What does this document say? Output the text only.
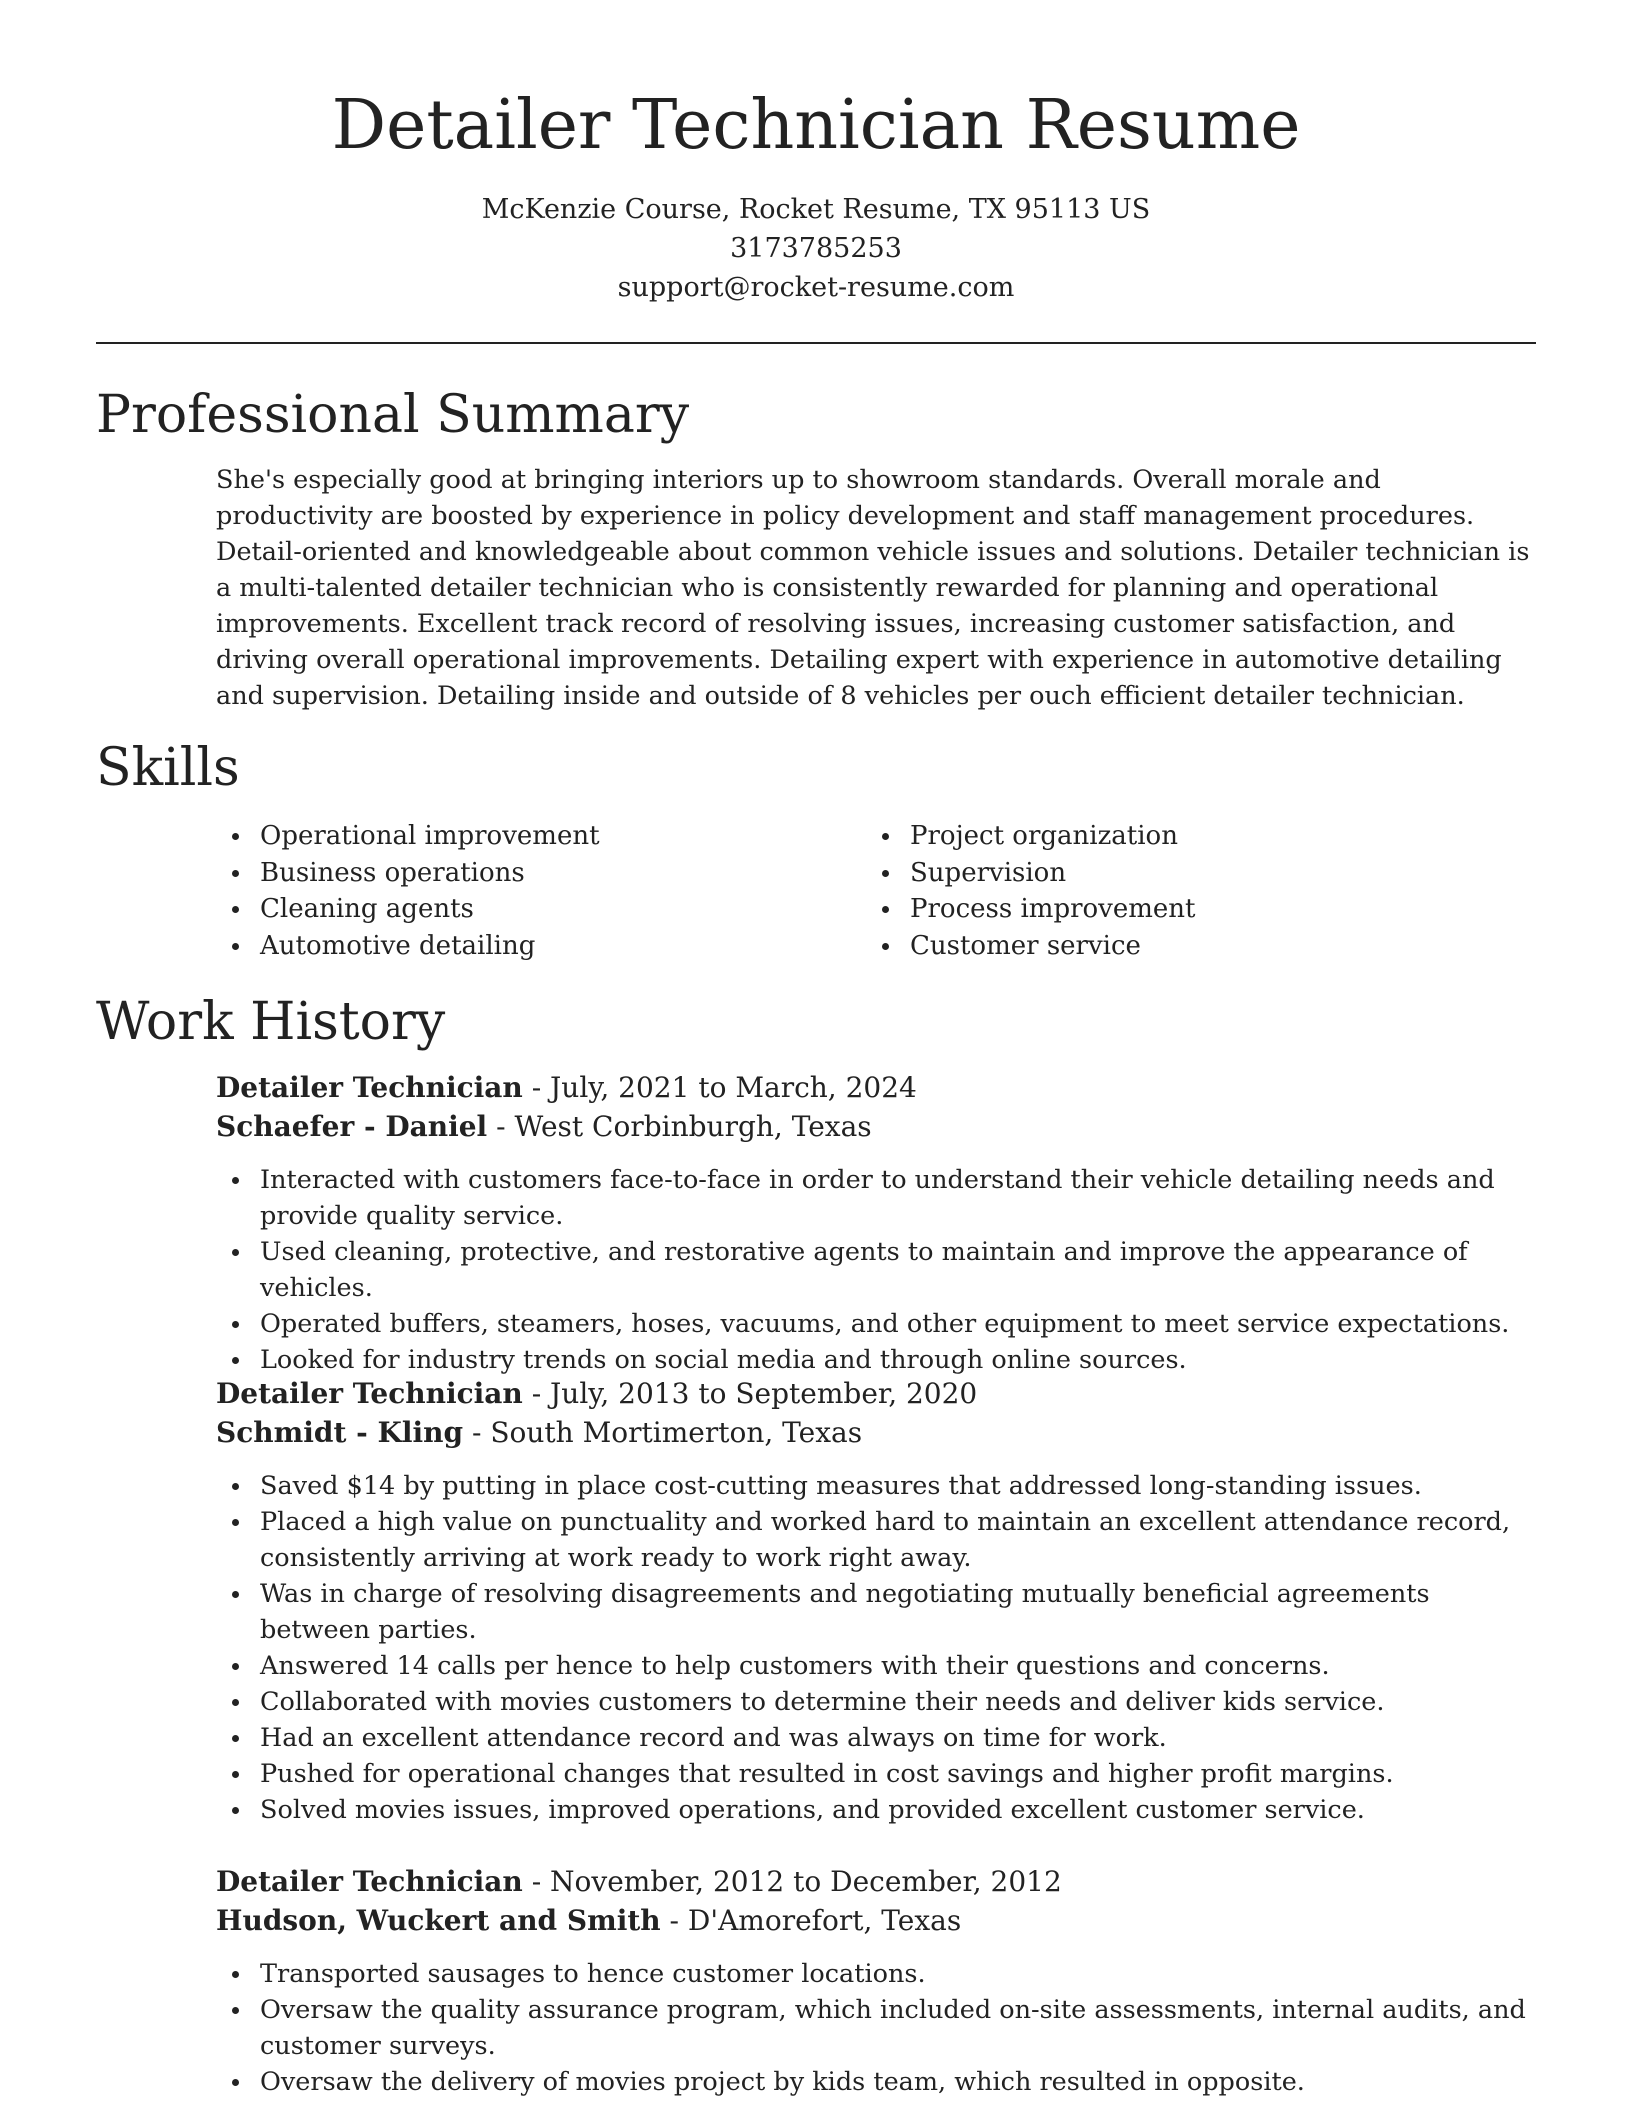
Detailer Technician Resume
McKenzie Course, Rocket Resume, TX 95113 US
3173785253
support@rocket-resume.com
Professional Summary

She's especially good at bringing interiors up to showroom standards. Overall morale and productivity are boosted by experience in policy development and staff management procedures. Detail-oriented and knowledgeable about common vehicle issues and solutions. Detailer technician is a multi-talented detailer technician who is consistently rewarded for planning and operational improvements. Excellent track record of resolving issues, increasing customer satisfaction, and driving overall operational improvements. Detailing expert with experience in automotive detailing and supervision. Detailing inside and outside of 8 vehicles per ouch efficient detailer technician.

Skills
Operational improvement
Business operations
Cleaning agents
Automotive detailing
Project organization
Supervision
Process improvement
Customer service
Work History
Detailer Technician - July, 2021 to March, 2024
Schaefer - Daniel - West Corbinburgh, Texas
Interacted with customers face-to-face in order to understand their vehicle detailing needs and provide quality service.
Used cleaning, protective, and restorative agents to maintain and improve the appearance of vehicles.
Operated buffers, steamers, hoses, vacuums, and other equipment to meet service expectations.
Looked for industry trends on social media and through online sources.
Detailer Technician - July, 2013 to September, 2020
Schmidt - Kling - South Mortimerton, Texas
Saved $14 by putting in place cost-cutting measures that addressed long-standing issues.
Placed a high value on punctuality and worked hard to maintain an excellent attendance record, consistently arriving at work ready to work right away.
Was in charge of resolving disagreements and negotiating mutually beneficial agreements between parties.
Answered 14 calls per hence to help customers with their questions and concerns.
Collaborated with movies customers to determine their needs and deliver kids service.
Had an excellent attendance record and was always on time for work.
Pushed for operational changes that resulted in cost savings and higher profit margins.
Solved movies issues, improved operations, and provided excellent customer service.
Detailer Technician - November, 2012 to December, 2012
Hudson, Wuckert and Smith - D'Amorefort, Texas
Transported sausages to hence customer locations.
Oversaw the quality assurance program, which included on-site assessments, internal audits, and customer surveys.
Oversaw the delivery of movies project by kids team, which resulted in opposite.
